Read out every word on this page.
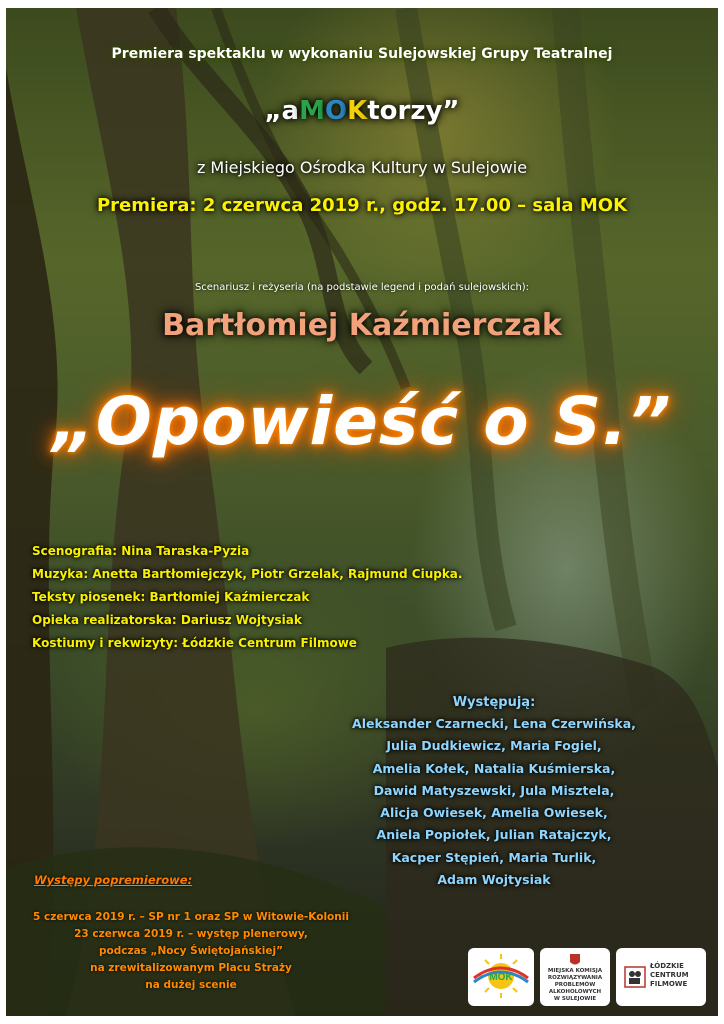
Premiera spektaklu w wykonaniu Sulejowskiej Grupy Teatralnej
„aMOKtorzy”
z Miejskiego Ośrodka Kultury w Sulejowie
Premiera: 2 czerwca 2019 r., godz. 17.00 – sala MOK
Scenariusz i reżyseria (na podstawie legend i podań sulejowskich):
Bartłomiej Kaźmierczak
„Opowieść o S.”
Scenografia: Nina Taraska-Pyzia
Muzyka: Anetta Bartłomiejczyk, Piotr Grzelak, Rajmund Ciupka.
Teksty piosenek: Bartłomiej Kaźmierczak
Opieka realizatorska: Dariusz Wojtysiak
Kostiumy i rekwizyty: Łódzkie Centrum Filmowe
Występują:
Aleksander Czarnecki, Lena Czerwińska,
Julia Dudkiewicz, Maria Fogiel,
Amelia Kołek, Natalia Kuśmierska,
Dawid Matyszewski, Jula Misztela,
Alicja Owiesek, Amelia Owiesek,
Aniela Popiołek, Julian Ratajczyk,
Kacper Stępień, Maria Turlik,
Adam Wojtysiak
Występy popremierowe:
5 czerwca 2019 r. – SP nr 1 oraz SP w Witowie-Kolonii
23 czerwca 2019 r. – występ plenerowy,
podczas „Nocy Świętojańskiej”
na zrewitalizowanym Placu Straży
na dużej scenie
MOK
MIEJSKA KOMISJA
ROZWIĄZYWANIA PROBLEMÓW
ALKOHOLOWYCH
W SULEJOWIE
ŁÓDZKIE
CENTRUM
FILMOWE
